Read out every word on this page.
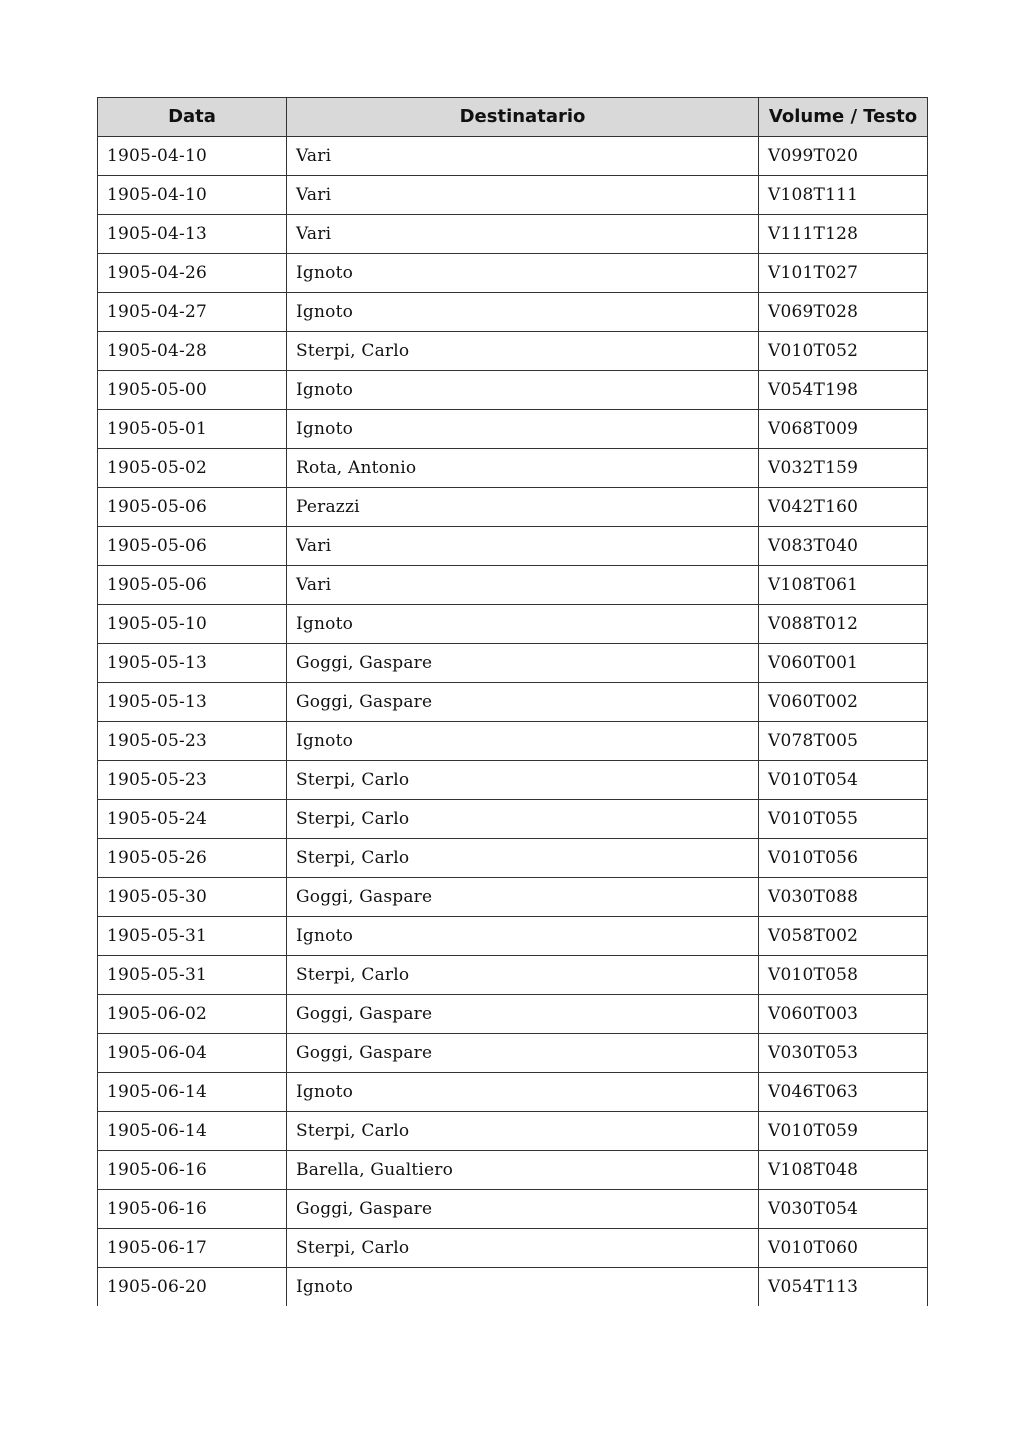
Data	Destinatario	Volume / Testo
1905-04-10	Vari	V099T020
1905-04-10	Vari	V108T111
1905-04-13	Vari	V111T128
1905-04-26	Ignoto	V101T027
1905-04-27	Ignoto	V069T028
1905-04-28	Sterpi, Carlo	V010T052
1905-05-00	Ignoto	V054T198
1905-05-01	Ignoto	V068T009
1905-05-02	Rota, Antonio	V032T159
1905-05-06	Perazzi	V042T160
1905-05-06	Vari	V083T040
1905-05-06	Vari	V108T061
1905-05-10	Ignoto	V088T012
1905-05-13	Goggi, Gaspare	V060T001
1905-05-13	Goggi, Gaspare	V060T002
1905-05-23	Ignoto	V078T005
1905-05-23	Sterpi, Carlo	V010T054
1905-05-24	Sterpi, Carlo	V010T055
1905-05-26	Sterpi, Carlo	V010T056
1905-05-30	Goggi, Gaspare	V030T088
1905-05-31	Ignoto	V058T002
1905-05-31	Sterpi, Carlo	V010T058
1905-06-02	Goggi, Gaspare	V060T003
1905-06-04	Goggi, Gaspare	V030T053
1905-06-14	Ignoto	V046T063
1905-06-14	Sterpi, Carlo	V010T059
1905-06-16	Barella, Gualtiero	V108T048
1905-06-16	Goggi, Gaspare	V030T054
1905-06-17	Sterpi, Carlo	V010T060
1905-06-20	Ignoto	V054T113
